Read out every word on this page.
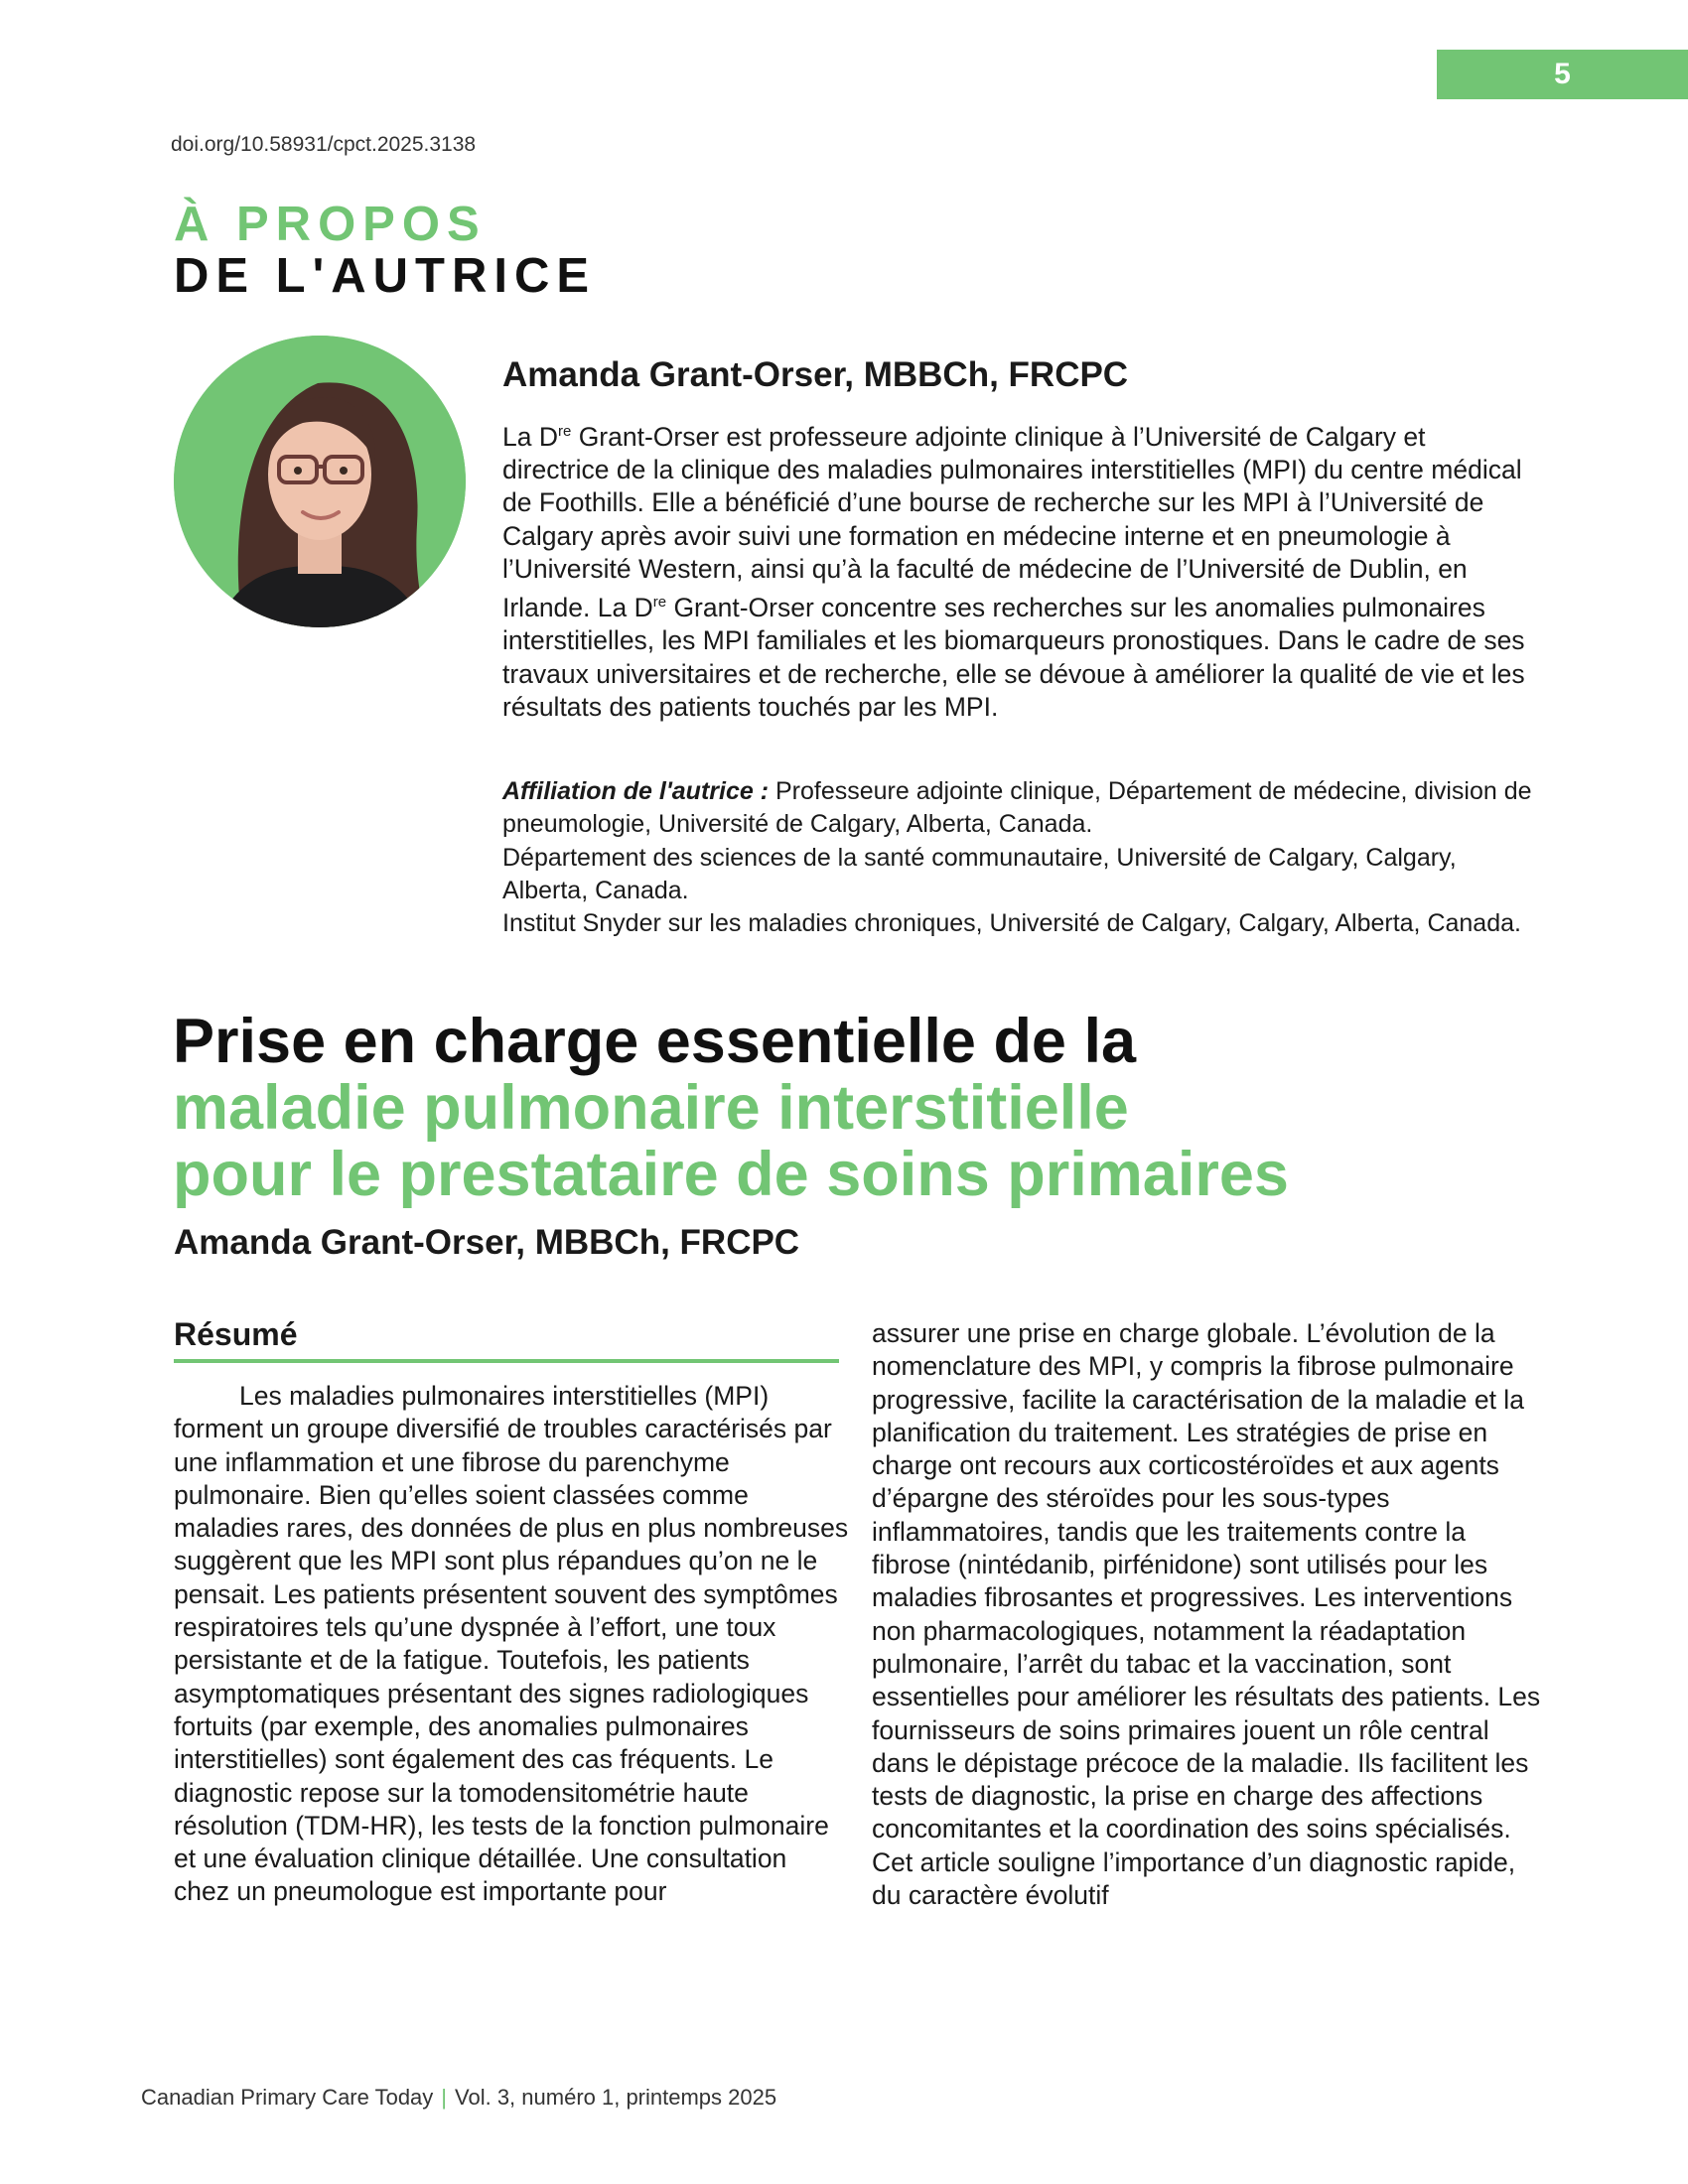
5
doi.org/10.58931/cpct.2025.3138
À PROPOS
DE L'AUTRICE
Amanda Grant-Orser, MBBCh, FRCPC
La Dre Grant-Orser est professeure adjointe clinique à l’Université de Calgary et directrice de la clinique des maladies pulmonaires interstitielles (MPI) du centre médical de Foothills. Elle a bénéficié d’une bourse de recherche sur les MPI à l’Université de Calgary après avoir suivi une formation en médecine interne et en pneumologie à l’Université Western, ainsi qu’à la faculté de médecine de l’Université de Dublin, en Irlande. La Dre Grant-Orser concentre ses recherches sur les anomalies pulmonaires interstitielles, les MPI familiales et les biomarqueurs pronostiques. Dans le cadre de ses travaux universitaires et de recherche, elle se dévoue à améliorer la qualité de vie et les résultats des patients touchés par les MPI.
Affiliation de l'autrice : Professeure adjointe clinique, Département de médecine, division de pneumologie, Université de Calgary, Alberta, Canada.
Département des sciences de la santé communautaire, Université de Calgary, Calgary, Alberta, Canada.
Institut Snyder sur les maladies chroniques, Université de Calgary, Calgary, Alberta, Canada.
Prise en charge essentielle de la
maladie pulmonaire interstitielle
pour le prestataire de soins primaires
Amanda Grant-Orser, MBBCh, FRCPC
Résumé
Les maladies pulmonaires interstitielles (MPI) forment un groupe diversifié de troubles caractérisés par une inflammation et une fibrose du parenchyme pulmonaire. Bien qu’elles soient classées comme maladies rares, des données de plus en plus nombreuses suggèrent que les MPI sont plus répandues qu’on ne le pensait. Les patients présentent souvent des symptômes respiratoires tels qu’une dyspnée à l’effort, une toux persistante et de la fatigue. Toutefois, les patients asymptomatiques présentant des signes radiologiques fortuits (par exemple, des anomalies pulmonaires interstitielles) sont également des cas fréquents. Le diagnostic repose sur la tomodensitométrie haute résolution (TDM-HR), les tests de la fonction pulmonaire et une évaluation clinique détaillée. Une consultation chez un pneumologue est importante pour
assurer une prise en charge globale. L’évolution de la nomenclature des MPI, y compris la fibrose pulmonaire progressive, facilite la caractérisation de la maladie et la planification du traitement. Les stratégies de prise en charge ont recours aux corticostéroïdes et aux agents d’épargne des stéroïdes pour les sous-types inflammatoires, tandis que les traitements contre la fibrose (nintédanib, pirfénidone) sont utilisés pour les maladies fibrosantes et progressives. Les interventions non pharmacologiques, notamment la réadaptation pulmonaire, l’arrêt du tabac et la vaccination, sont essentielles pour améliorer les résultats des patients. Les fournisseurs de soins primaires jouent un rôle central dans le dépistage précoce de la maladie. Ils facilitent les tests de diagnostic, la prise en charge des affections concomitantes et la coordination des soins spécialisés. Cet article souligne l’importance d’un diagnostic rapide, du caractère évolutif
Canadian Primary Care Today | Vol. 3, numéro 1, printemps 2025
